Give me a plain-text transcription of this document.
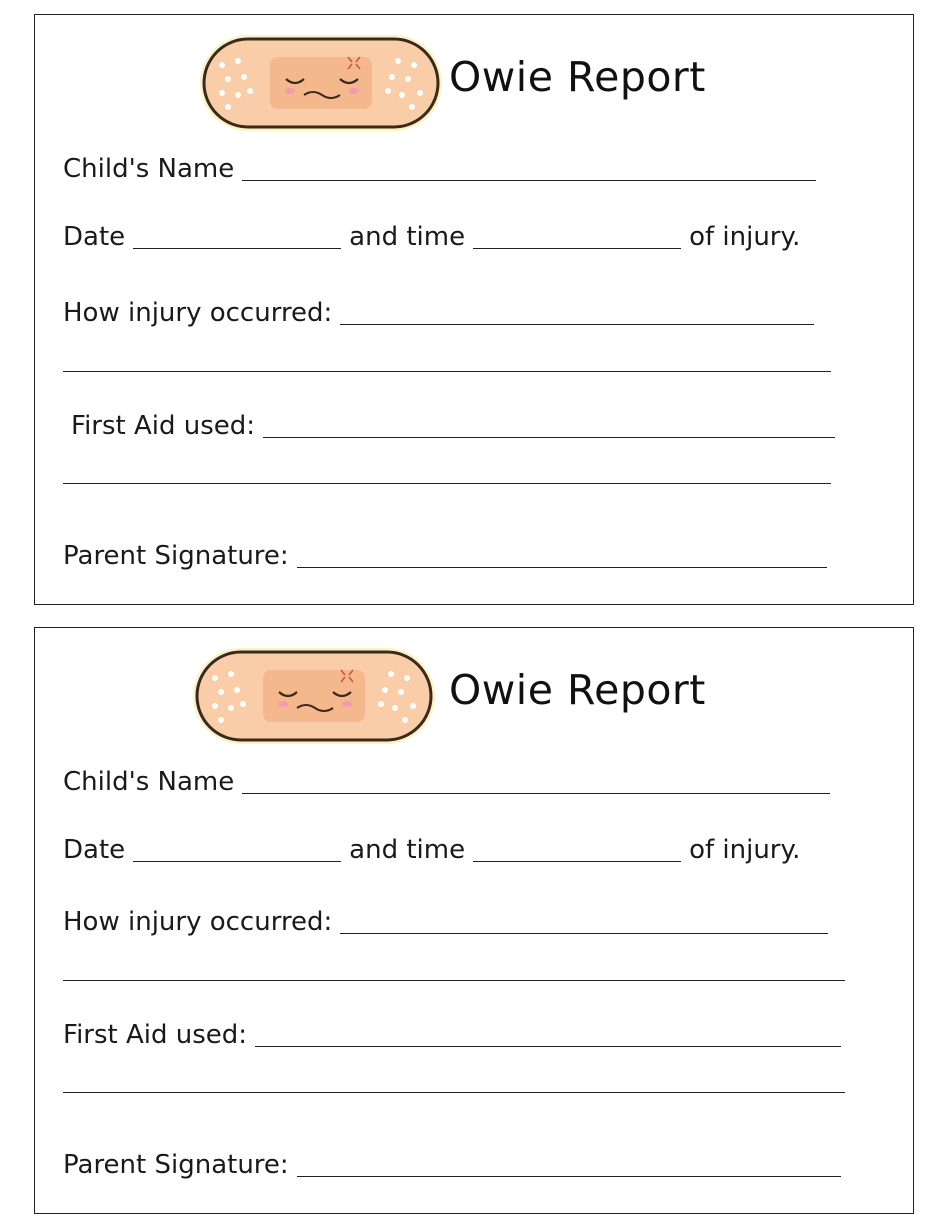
Owie Report
Child's Name
Date	and time	of injury.
How injury occurred:
First Aid used:
Parent Signature:
Owie Report
Child's Name
Date	and time	of injury.
How injury occurred:
First Aid used:
Parent Signature:
